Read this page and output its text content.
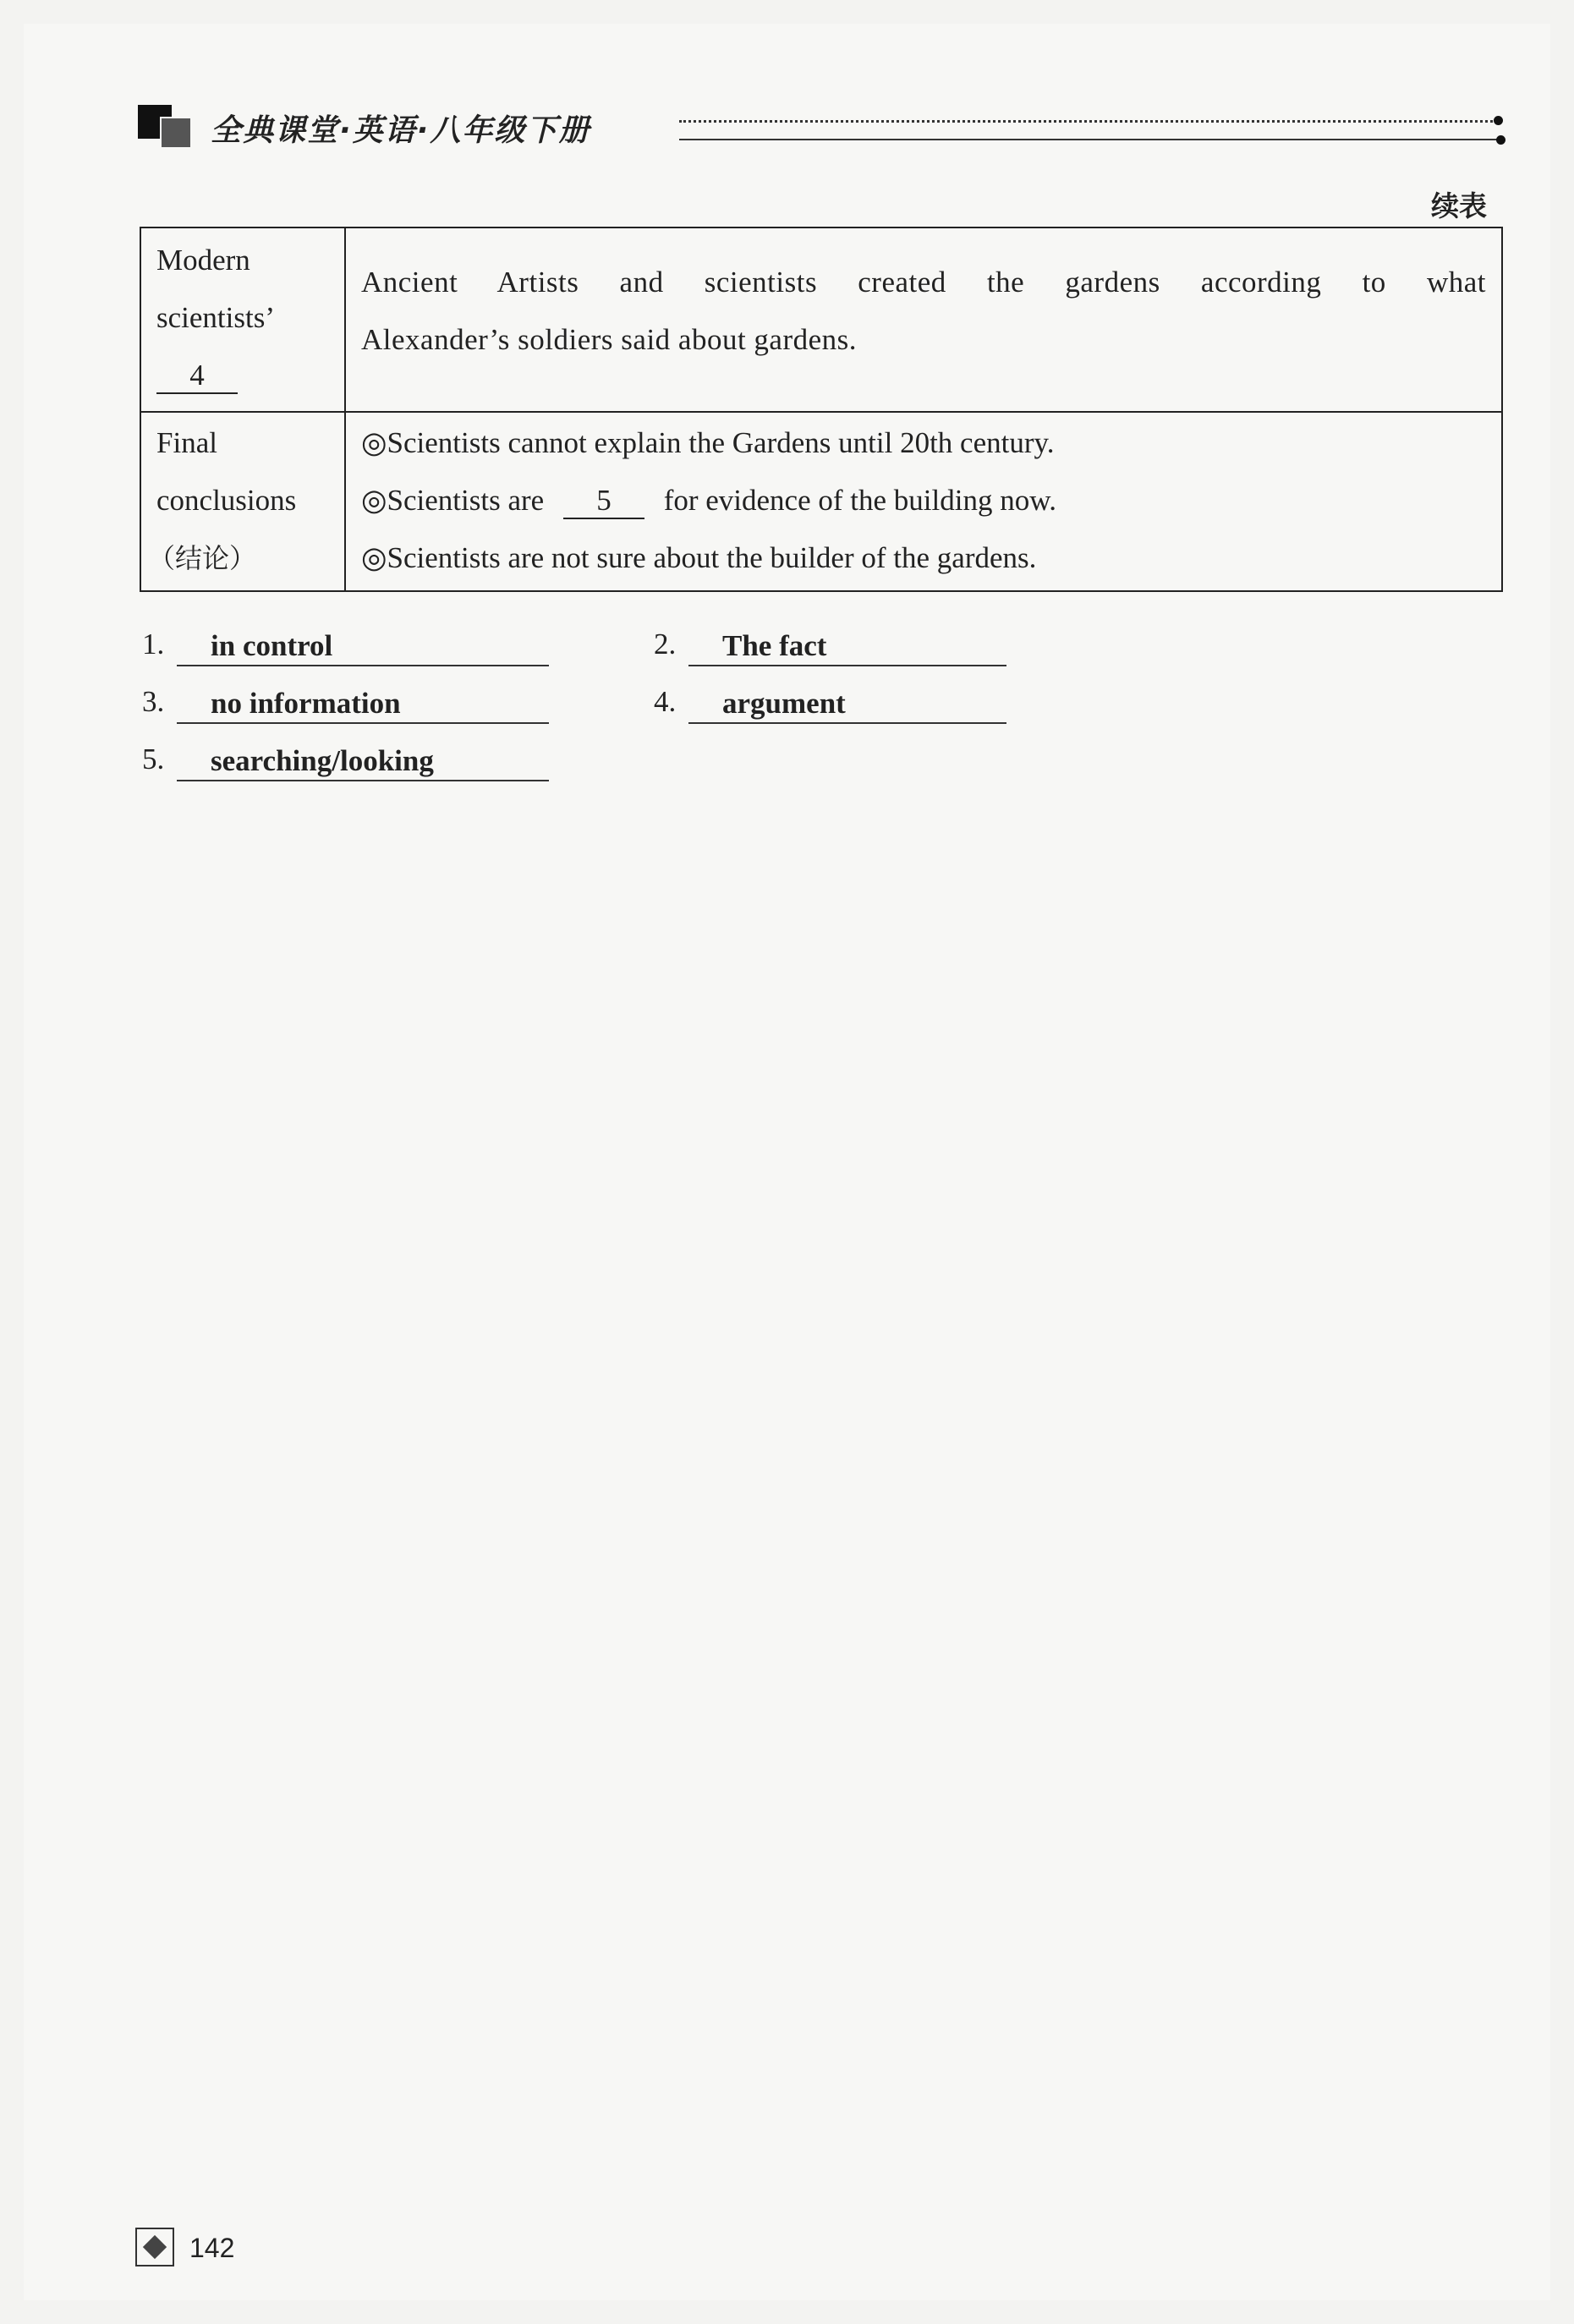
全典课堂·英语·八年级下册
续表
Modern
scientists’
4
Ancient Artists and scientists created the gardens according to what
Alexander’s soldiers said about gardens.
Final
conclusions
（结论）
◎Scientists cannot explain the Gardens until 20th century.
◎Scientists are 5 for evidence of the building now.
◎Scientists are not sure about the builder of the gardens.
1. in control	2. The fact
3. no information	4. argument
5. searching/looking
142
